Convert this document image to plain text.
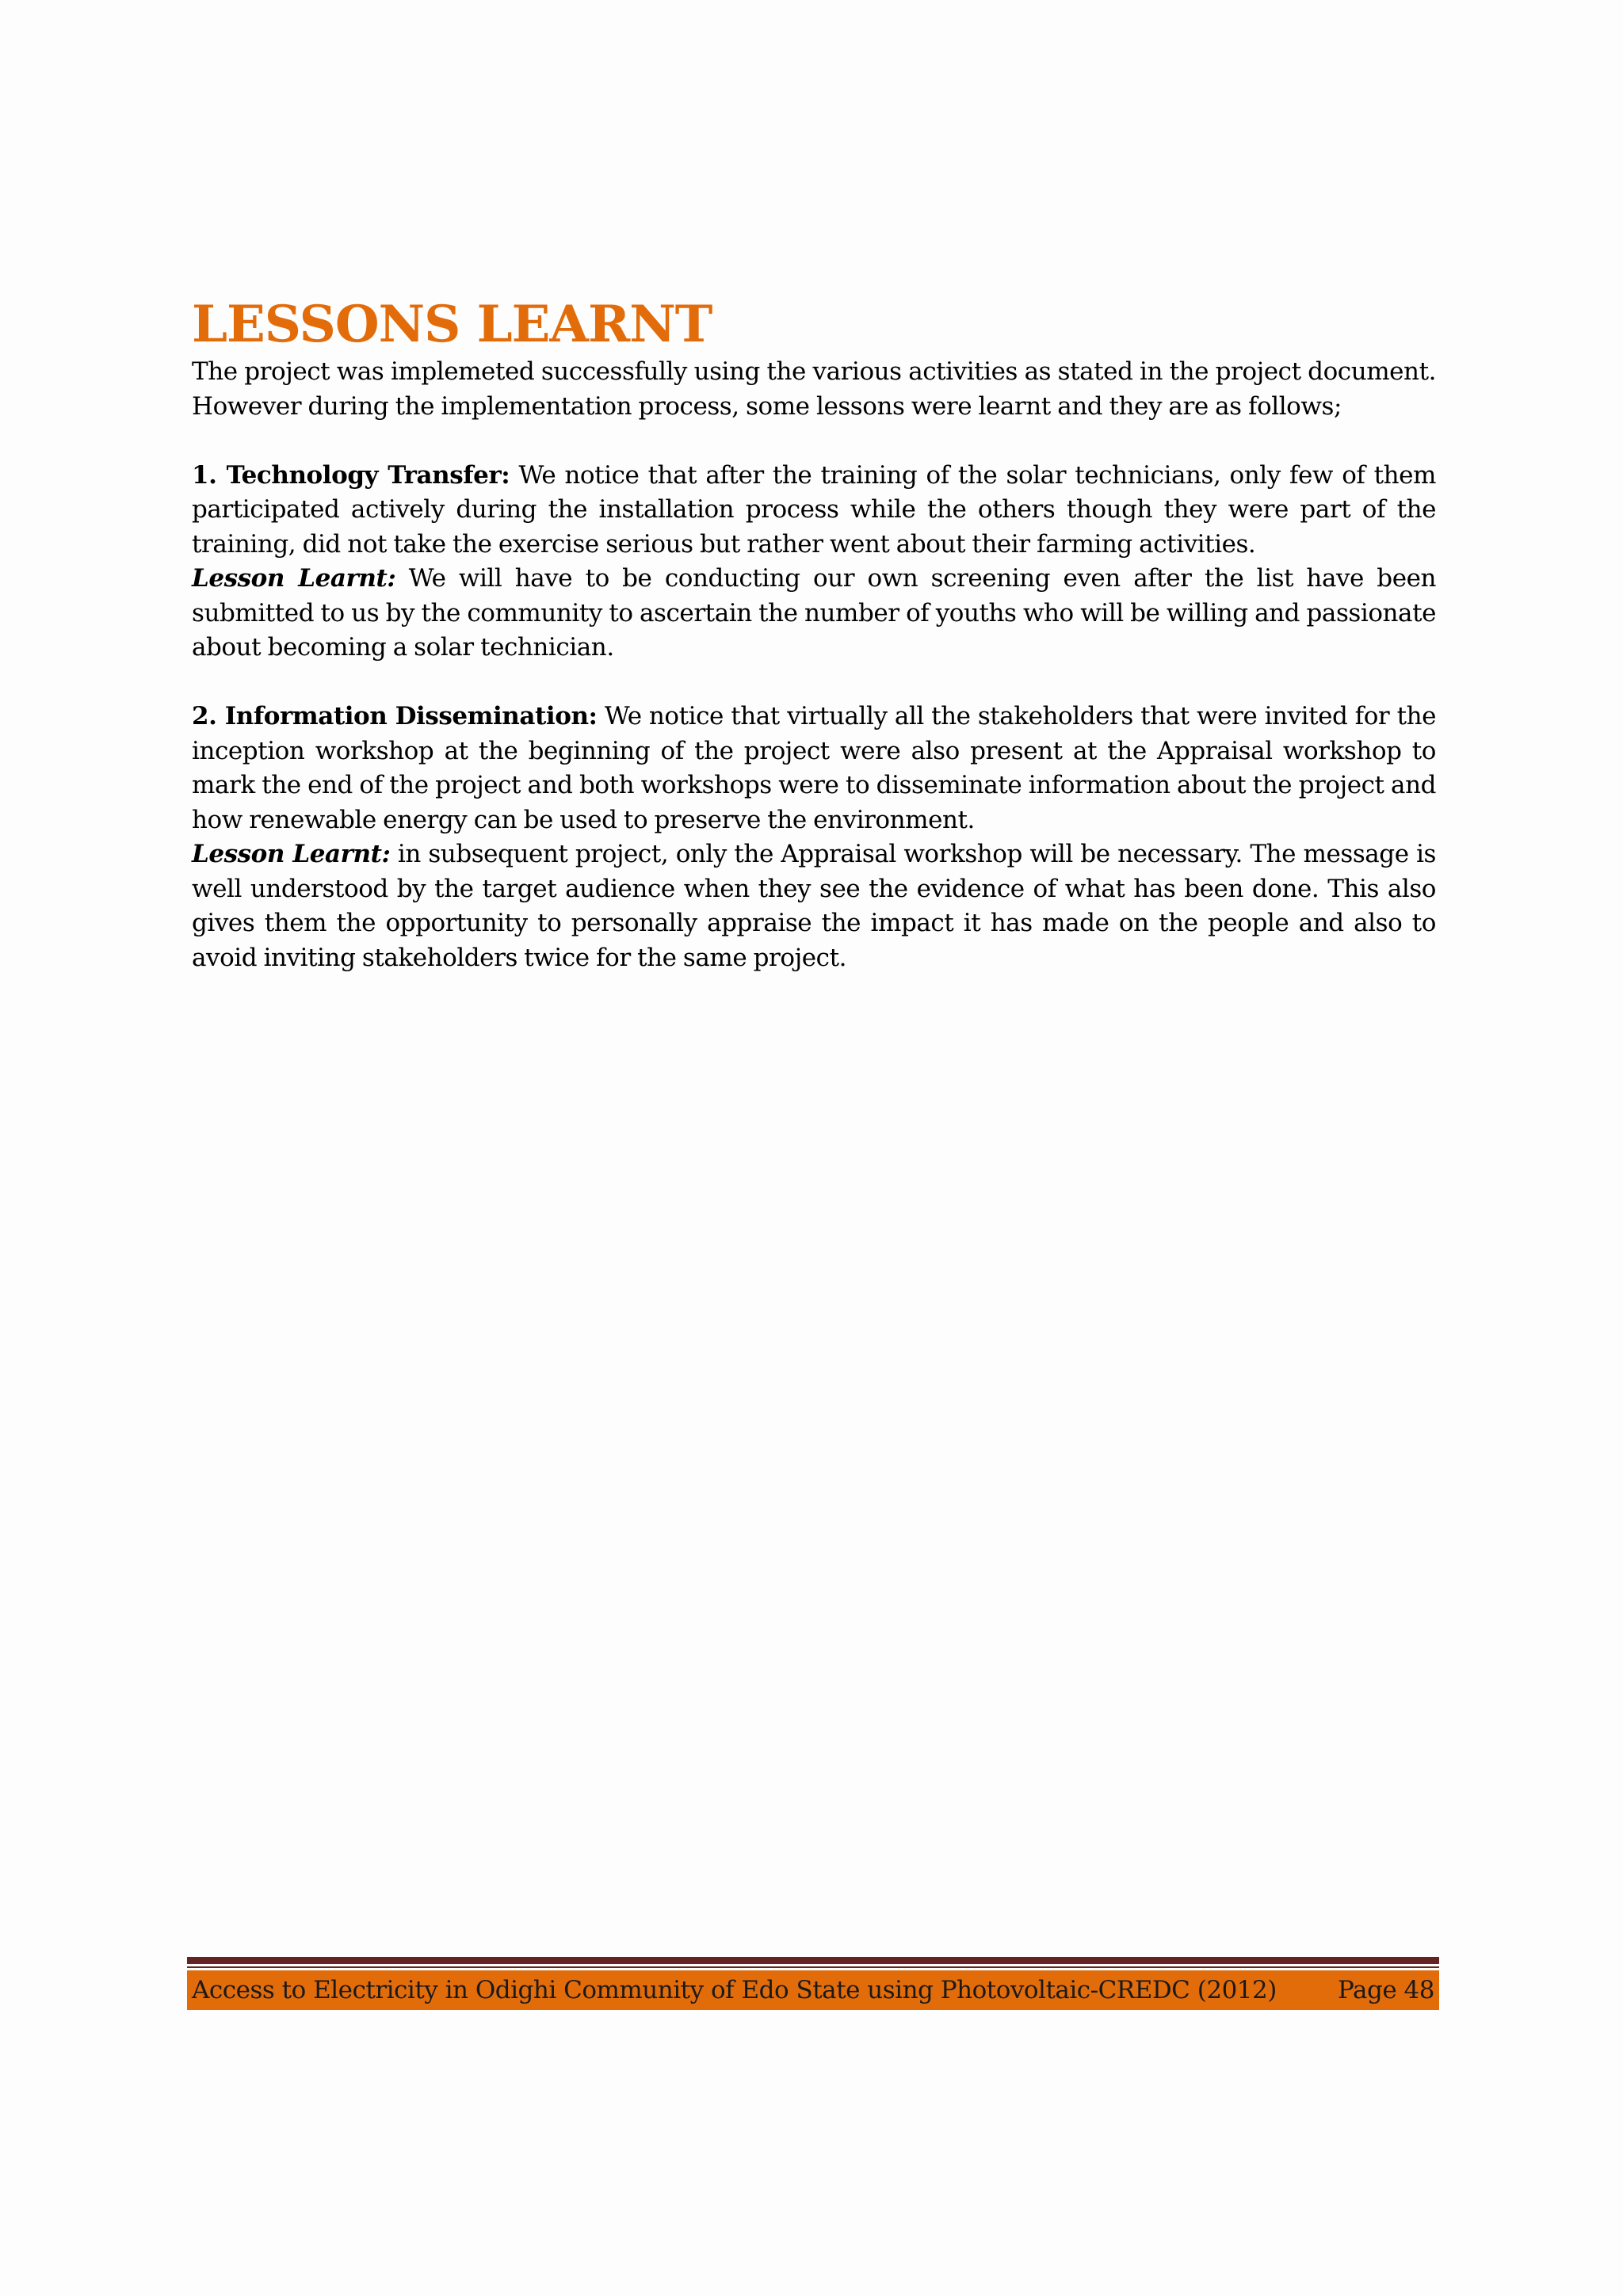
LESSONS LEARNT

The project was implemeted successfully using the various activities as stated in the project document. However during the implementation process, some lessons were learnt and they are as follows;

1. Technology Transfer: We notice that after the training of the solar technicians, only few of them participated actively during the installation process while the others though they were part of the training, did not take the exercise serious but rather went about their farming activities.

Lesson Learnt: We will have to be conducting our own screening even after the list have been submitted to us by the community to ascertain the number of youths who will be willing and passionate about becoming a solar technician.

2. Information Dissemination: We notice that virtually all the stakeholders that were invited for the inception workshop at the beginning of the project were also present at the Appraisal workshop to mark the end of the project and both workshops were to disseminate information about the project and how renewable energy can be used to preserve the environment.

Lesson Learnt: in subsequent project, only the Appraisal workshop will be necessary. The message is well understood by the target audience when they see the evidence of what has been done. This also gives them the opportunity to personally appraise the impact it has made on the people and also to avoid inviting stakeholders twice for the same project.

Access to Electricity in Odighi Community of Edo State using Photovoltaic-CREDC (2012) Page 48
